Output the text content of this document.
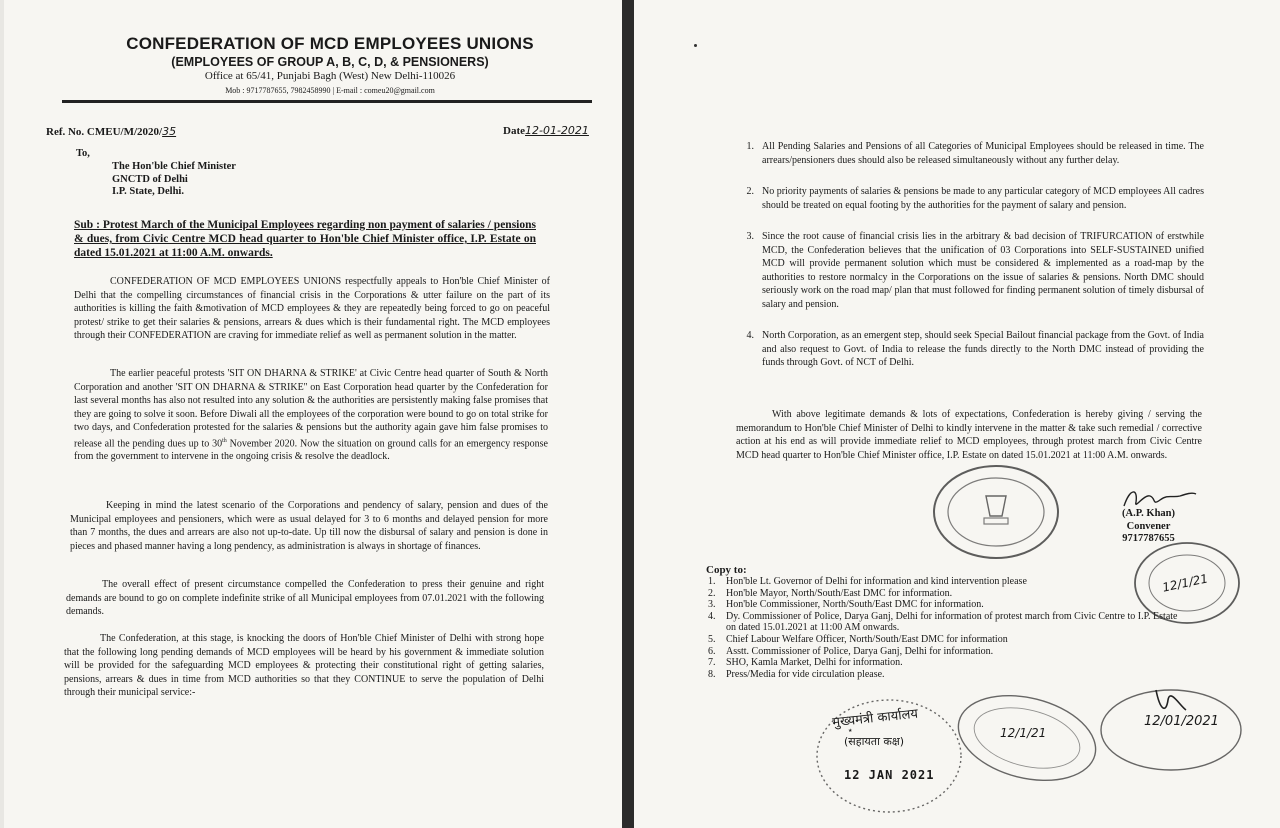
CONFEDERATION OF MCD EMPLOYEES UNIONS
(EMPLOYEES OF GROUP A, B, C, D, & PENSIONERS)
Office at 65/41, Punjabi Bagh (West) New Delhi-110026
Mob : 9717787655, 7982458990 | E-mail : comeu20@gmail.com
Ref. No. CMEU/M/2020/35	Date12-01-2021
To,
The Hon'ble Chief Minister
GNCTD of Delhi
I.P. State, Delhi.
Sub : Protest March of the Municipal Employees regarding non payment of salaries / pensions & dues, from Civic Centre MCD head quarter to Hon'ble Chief Minister office, I.P. Estate on dated 15.01.2021 at 11:00 A.M. onwards.

CONFEDERATION OF MCD EMPLOYEES UNIONS respectfully appeals to Hon'ble Chief Minister of Delhi that the compelling circumstances of financial crisis in the Corporations & utter failure on the part of its authorities is killing the faith &motivation of MCD employees & they are repeatedly being forced to go on peaceful protest/ strike to get their salaries & pensions, arrears & dues which is their fundamental right. The MCD employees through their CONFEDERATION are craving for immediate relief as well as permanent solution in the matter.

The earlier peaceful protests 'SIT ON DHARNA & STRIKE' at Civic Centre head quarter of South & North Corporation and another 'SIT ON DHARNA & STRIKE'' on East Corporation head quarter by the Confederation for last several months has also not resulted into any solution & the authorities are persistently making false promises that they are going to solve it soon. Before Diwali all the employees of the corporation were bound to go on total strike for two days, and Confederation protested for the salaries & pensions but the authority again gave him false promises to release all the pending dues up to 30th November 2020. Now the situation on ground calls for an emergency response from the government to intervene in the ongoing crisis & resolve the deadlock.

Keeping in mind the latest scenario of the Corporations and pendency of salary, pension and dues of the Municipal employees and pensioners, which were as usual delayed for 3 to 6 months and delayed pension for more than 7 months, the dues and arrears are also not up-to-date. Up till now the disbursal of salary and pension is done in pieces and phased manner having a long pendency, as administration is always in shortage of finances.

The overall effect of present circumstance compelled the Confederation to press their genuine and right demands are bound to go on complete indefinite strike of all Municipal employees from 07.01.2021 with the following demands.

The Confederation, at this stage, is knocking the doors of Hon'ble Chief Minister of Delhi with strong hope that the following long pending demands of MCD employees will be heard by his government & immediate solution will be provided for the safeguarding MCD employees & protecting their constitutional right of getting salaries, pensions, arrears & dues in time from MCD authorities so that they CONTINUE to serve the population of Delhi through their municipal service:-

1. All Pending Salaries and Pensions of all Categories of Municipal Employees should be released in time. The arrears/pensioners dues should also be released simultaneously without any further delay.
2. No priority payments of salaries & pensions be made to any particular category of MCD employees All cadres should be treated on equal footing by the authorities for the payment of salary and pension.
3. Since the root cause of financial crisis lies in the arbitrary & bad decision of TRIFURCATION of erstwhile MCD, the Confederation believes that the unification of 03 Corporations into SELF-SUSTAINED unified MCD will provide permanent solution which must be considered & implemented as a road-map by the authorities to restore normalcy in the Corporations on the issue of salaries & pensions. North DMC should seriously work on the road map/ plan that must followed for finding permanent solution of timely disbursal of salary and pension.
4. North Corporation, as an emergent step, should seek Special Bailout financial package from the Govt. of India and also request to Govt. of India to release the funds directly to the North DMC instead of providing the funds through Govt. of NCT of Delhi.

With above legitimate demands & lots of expectations, Confederation is hereby giving / serving the memorandum to Hon'ble Chief Minister of Delhi to kindly intervene in the matter & take such remedial / corrective action at his end as will provide immediate relief to MCD employees, through protest march from Civic Centre MCD head quarter to Hon'ble Chief Minister office, I.P. Estate on dated 15.01.2021 at 11:00 A.M. onwards.

(A.P. Khan)
Convener
9717787655
Copy to:
1. Hon'ble Lt. Governor of Delhi for information and kind intervention please
2. Hon'ble Mayor, North/South/East DMC for information.
3. Hon'ble Commissioner, North/South/East DMC for information.
4. Dy. Commissioner of Police, Darya Ganj, Delhi for information of protest march from Civic Centre to I.P. Estate on dated 15.01.2021 at 11:00 AM onwards.
5. Chief Labour Welfare Officer, North/South/East DMC for information
6. Asstt. Commissioner of Police, Darya Ganj, Delhi for information.
7. SHO, Kamla Market, Delhi for information.
8. Press/Media for vide circulation please.
12/1/21
★
मुख्यमंत्री कार्यालय
(सहायता कक्ष)
12 JAN 2021
12/1/21
12/01/2021
